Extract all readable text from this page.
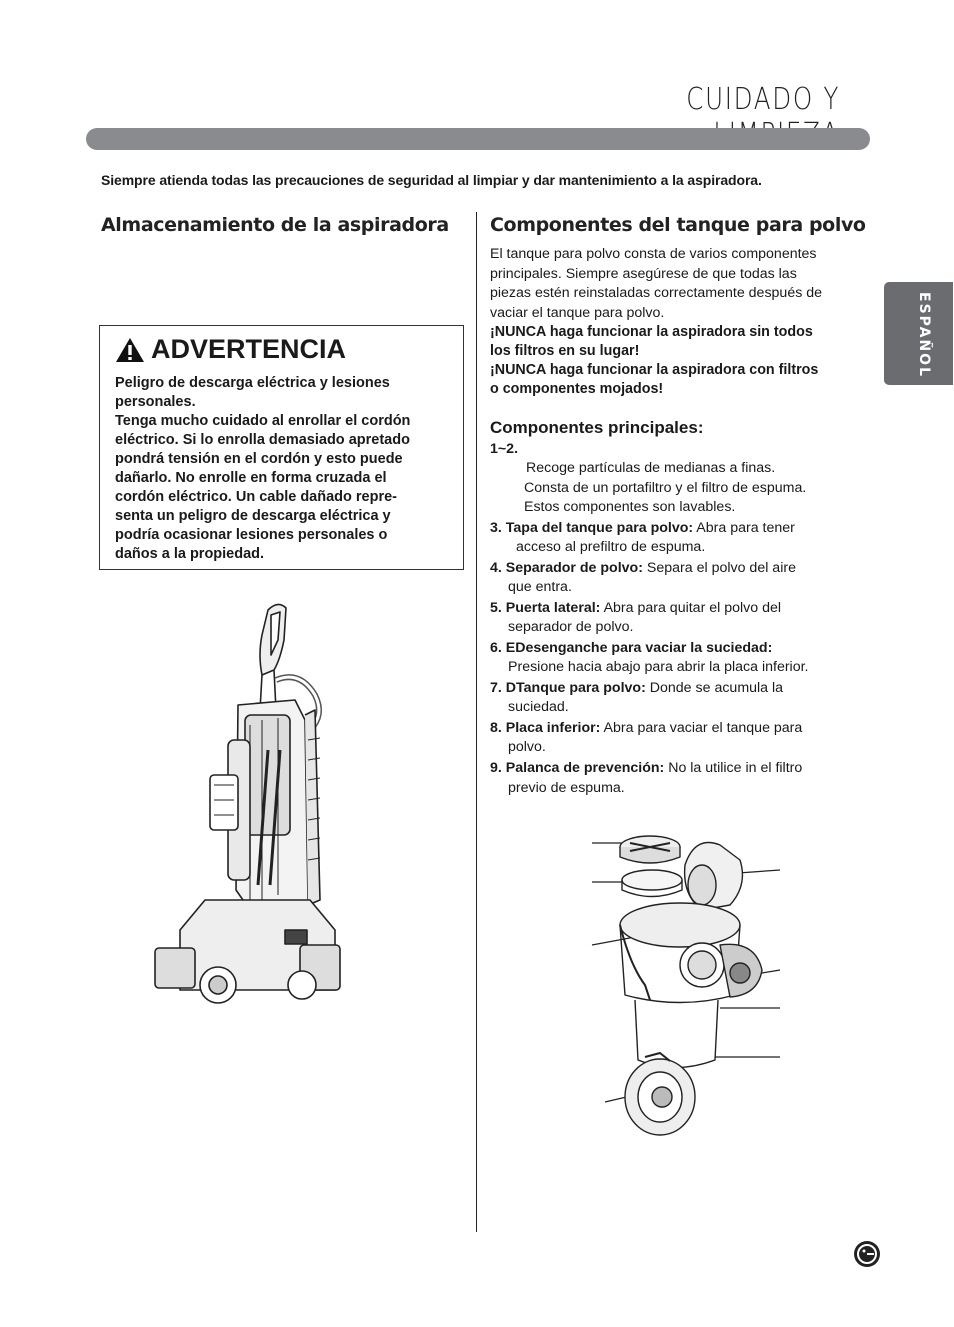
CUIDADO Y
ESPAÑOL
Siempre atienda todas las precauciones de seguridad al limpiar y dar mantenimiento a la aspiradora.
Almacenamiento de la aspiradora Componentes del tanque para polvo
ADVERTENCIA
Peligro de descarga eléctrica y lesiones
personales.
Tenga mucho cuidado al enrollar el cordón
eléctrico. Si lo enrolla demasiado apretado
pondrá tensión en el cordón y esto puede
dañarlo. No enrolle en forma cruzada el
cordón eléctrico. Un cable dañado repre-
senta un peligro de descarga eléctrica y
podría ocasionar lesiones personales o
daños a la propiedad.
El tanque para polvo consta de varios componentes
principales. Siempre asegúrese de que todas las
piezas estén reinstaladas correctamente después de
vaciar el tanque para polvo.
¡NUNCA haga funcionar la aspiradora sin todos
los filtros en su lugar!
¡NUNCA haga funcionar la aspiradora con filtros
o componentes mojados!
Componentes principales:
1~2.
Recoge partículas de medianas a finas.
Consta de un portafiltro y el filtro de espuma.
Estos componentes son lavables.
3. Tapa del tanque para polvo: Abra para tener
acceso al prefiltro de espuma.
4. Separador de polvo: Separa el polvo del aire
que entra.
5. Puerta lateral: Abra para quitar el polvo del
separador de polvo.
6. EDesenganche para vaciar la suciedad:
Presione hacia abajo para abrir la placa inferior.
7. DTanque para polvo: Donde se acumula la
suciedad.
8. Placa inferior: Abra para vaciar el tanque para
polvo.
9. Palanca de prevención: No la utilice in el filtro
previo de espuma.
